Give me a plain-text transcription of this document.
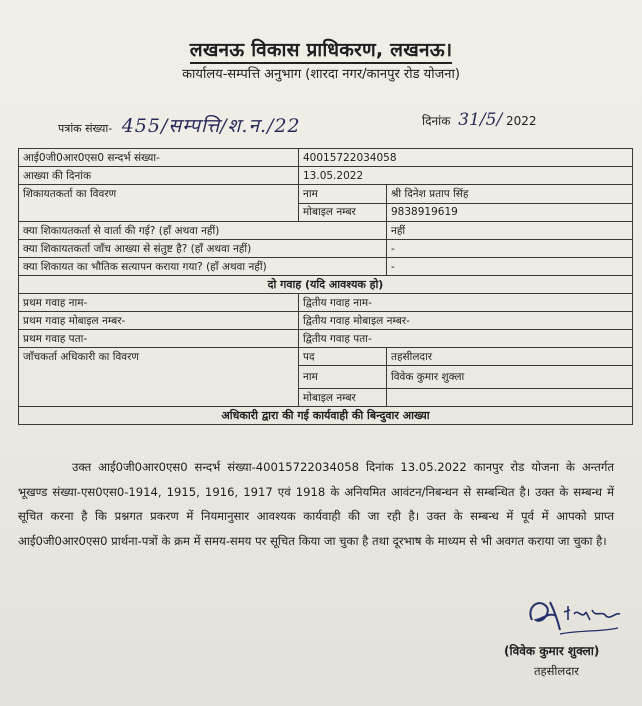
लखनऊ विकास प्राधिकरण, लखनऊ।
कार्यालय-सम्पत्ति अनुभाग (शारदा नगर/कानपुर रोड योजना)
पत्रांक संख्या- 455/सम्पत्ति/श.न./22	दिनांक 31/5/ 2022
आई0जी0आर0एस0 सन्दर्भ संख्या-	40015722034058	
आख्या की दिनांक	13.05.2022	
शिकायतकर्ता का विवरण	नाम	श्री दिनेश प्रताप सिंह
	मोबाइल नम्बर	9838919619
क्या शिकायतकर्ता से वार्ता की गई? (हाँ अथवा नहीं)		नहीं
क्या शिकायतकर्ता जाँच आख्या से संतुष्ट है? (हाँ अथवा नहीं)		-
क्या शिकायत का भौतिक सत्यापन कराया गया? (हाँ अथवा नहीं)		-
दो गवाह (यदि आवश्यक हो)		
प्रथम गवाह नाम-	द्वितीय गवाह नाम-	
प्रथम गवाह मोबाइल नम्बर-	द्वितीय गवाह मोबाइल नम्बर-	
प्रथम गवाह पता-	द्वितीय गवाह पता-	
जाँचकर्ता अधिकारी का विवरण	पद	तहसीलदार
	नाम	विवेक कुमार शुक्ला
	मोबाइल नम्बर	
अधिकारी द्वारा की गई कार्यवाही की बिन्दुवार आख्या		
उक्त आई0जी0आर0एस0 सन्दर्भ संख्या-40015722034058 दिनांक 13.05.2022 कानपुर रोड योजना के अन्तर्गत भूखण्ड संख्या-एस0एस0-1914, 1915, 1916, 1917 एवं 1918 के अनियमित आवंटन/निबन्धन से सम्बन्धित है। उक्त के सम्बन्ध में सूचित करना है कि प्रश्नगत प्रकरण में नियमानुसार आवश्यक कार्यवाही की जा रही है। उक्त के सम्बन्ध में पूर्व में आपको प्राप्त आई0जी0आर0एस0 प्रार्थना-पत्रों के क्रम में समय-समय पर सूचित किया जा चुका है तथा दूरभाष के माध्यम से भी अवगत कराया जा चुका है।
(विवेक कुमार शुक्ला)
तहसीलदार
